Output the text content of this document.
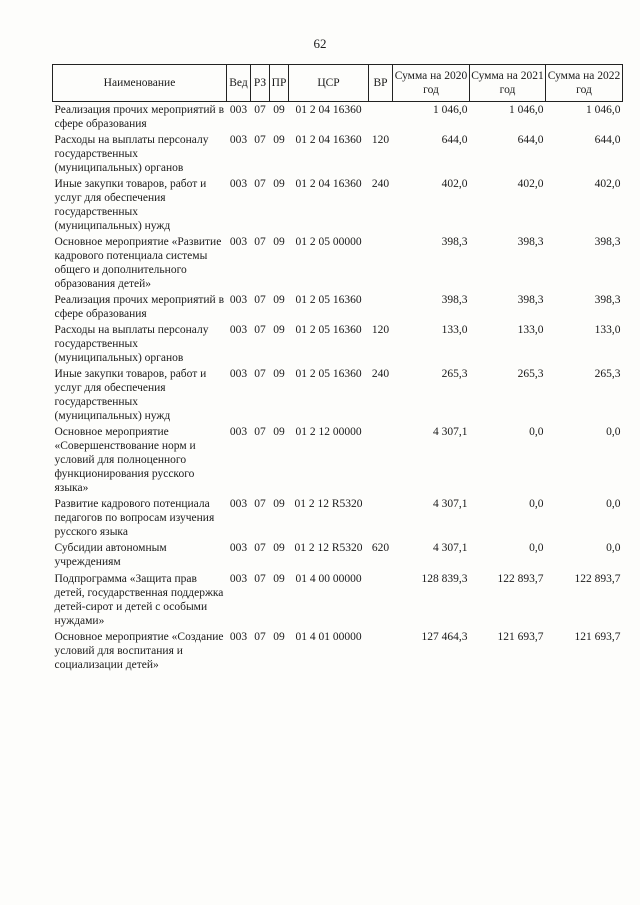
62
Наименование	Вед	РЗ	ПР	ЦСР	ВР	Сумма на 2020 год	Сумма на 2021 год	Сумма на 2022 год
Реализация прочих мероприятий в сфере образования	003	07	09	01 2 04 16360		1 046,0	1 046,0	1 046,0
Расходы на выплаты персоналу государственных (муниципальных) органов	003	07	09	01 2 04 16360	120	644,0	644,0	644,0
Иные закупки товаров, работ и услуг для обеспечения государственных (муниципальных) нужд	003	07	09	01 2 04 16360	240	402,0	402,0	402,0
Основное мероприятие «Развитие кадрового потенциала системы общего и дополнительного образования детей»	003	07	09	01 2 05 00000		398,3	398,3	398,3
Реализация прочих мероприятий в сфере образования	003	07	09	01 2 05 16360		398,3	398,3	398,3
Расходы на выплаты персоналу государственных (муниципальных) органов	003	07	09	01 2 05 16360	120	133,0	133,0	133,0
Иные закупки товаров, работ и услуг для обеспечения государственных (муниципальных) нужд	003	07	09	01 2 05 16360	240	265,3	265,3	265,3
Основное мероприятие «Совершенствование норм и условий для полноценного функционирования русского языка»	003	07	09	01 2 12 00000		4 307,1	0,0	0,0
Развитие кадрового потенциала педагогов по вопросам изучения русского языка	003	07	09	01 2 12 R5320		4 307,1	0,0	0,0
Субсидии автономным учреждениям	003	07	09	01 2 12 R5320	620	4 307,1	0,0	0,0
Подпрограмма «Защита прав детей, государственная поддержка детей-сирот и детей с особыми нуждами»	003	07	09	01 4 00 00000		128 839,3	122 893,7	122 893,7
Основное мероприятие «Создание условий для воспитания и социализации детей»	003	07	09	01 4 01 00000		127 464,3	121 693,7	121 693,7
